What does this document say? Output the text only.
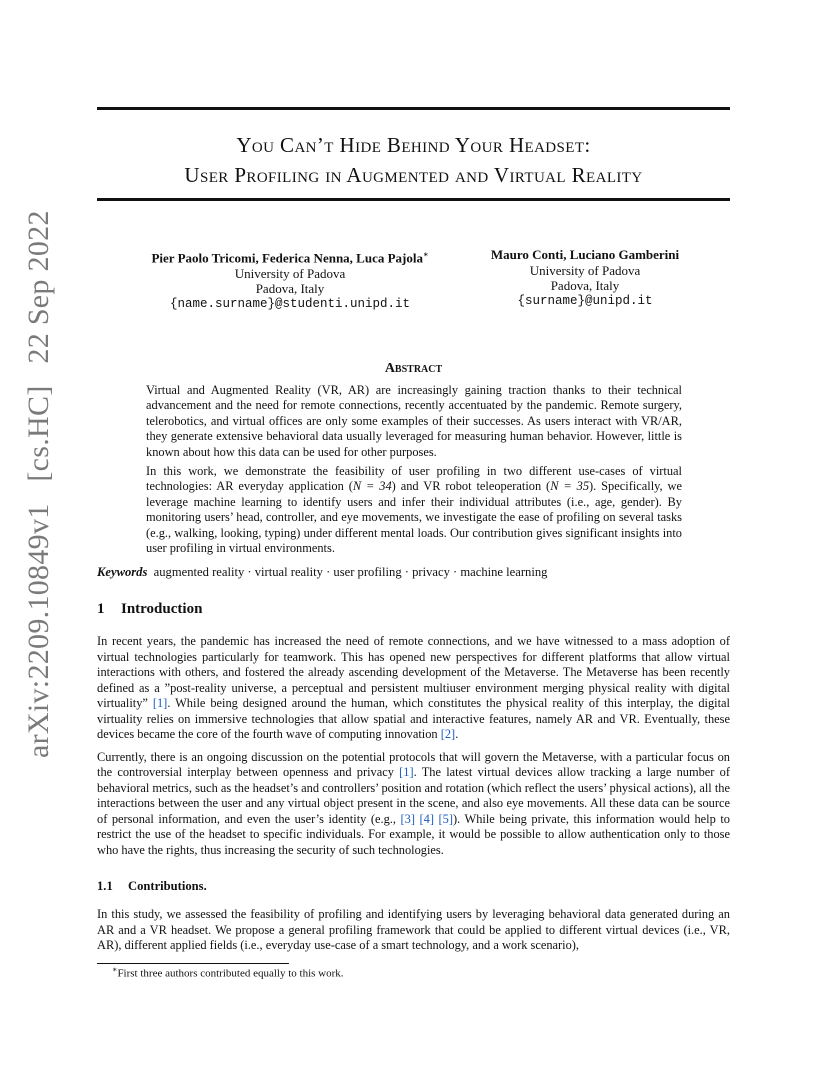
arXiv:2209.10849v1 [cs.HC] 22 Sep 2022
You Can’t Hide Behind Your Headset:
User Profiling in Augmented and Virtual Reality
Pier Paolo Tricomi, Federica Nenna, Luca Pajola∗
University of Padova
Padova, Italy
{name.surname}@studenti.unipd.it
Mauro Conti, Luciano Gamberini
University of Padova
Padova, Italy
{surname}@unipd.it
Abstract

Virtual and Augmented Reality (VR, AR) are increasingly gaining traction thanks to their technical advancement and the need for remote connections, recently accentuated by the pandemic. Remote surgery, telerobotics, and virtual offices are only some examples of their successes. As users interact with VR/AR, they generate extensive behavioral data usually leveraged for measuring human behavior. However, little is known about how this data can be used for other purposes.

In this work, we demonstrate the feasibility of user profiling in two different use-cases of virtual technologies: AR everyday application (N = 34) and VR robot teleoperation (N = 35). Specifically, we leverage machine learning to identify users and infer their individual attributes (i.e., age, gender). By monitoring users’ head, controller, and eye movements, we investigate the ease of profiling on several tasks (e.g., walking, looking, typing) under different mental loads. Our contribution gives significant insights into user profiling in virtual environments.

Keywords augmented reality · virtual reality · user profiling · privacy · machine learning
1 Introduction

In recent years, the pandemic has increased the need of remote connections, and we have witnessed to a mass adoption of virtual technologies particularly for teamwork. This has opened new perspectives for different platforms that allow virtual interactions with others, and fostered the already ascending development of the Metaverse. The Metaverse has been recently defined as a ”post-reality universe, a perceptual and persistent multiuser environment merging physical reality with digital virtuality” [1]. While being designed around the human, which constitutes the physical reality of this interplay, the digital virtuality relies on immersive technologies that allow spatial and interactive features, namely AR and VR. Eventually, these devices became the core of the fourth wave of computing innovation [2].

Currently, there is an ongoing discussion on the potential protocols that will govern the Metaverse, with a particular focus on the controversial interplay between openness and privacy [1]. The latest virtual devices allow tracking a large number of behavioral metrics, such as the headset’s and controllers’ position and rotation (which reflect the users’ physical actions), all the interactions between the user and any virtual object present in the scene, and also eye movements. All these data can be source of personal information, and even the user’s identity (e.g., [3] [4] [5]). While being private, this information would help to restrict the use of the headset to specific individuals. For example, it would be possible to allow authentication only to those who have the rights, thus increasing the security of such technologies.

1.1 Contributions.

In this study, we assessed the feasibility of profiling and identifying users by leveraging behavioral data generated during an AR and a VR headset. We propose a general profiling framework that could be applied to different virtual devices (i.e., VR, AR), different applied fields (i.e., everyday use-case of a smart technology, and a work scenario),

∗First three authors contributed equally to this work.
